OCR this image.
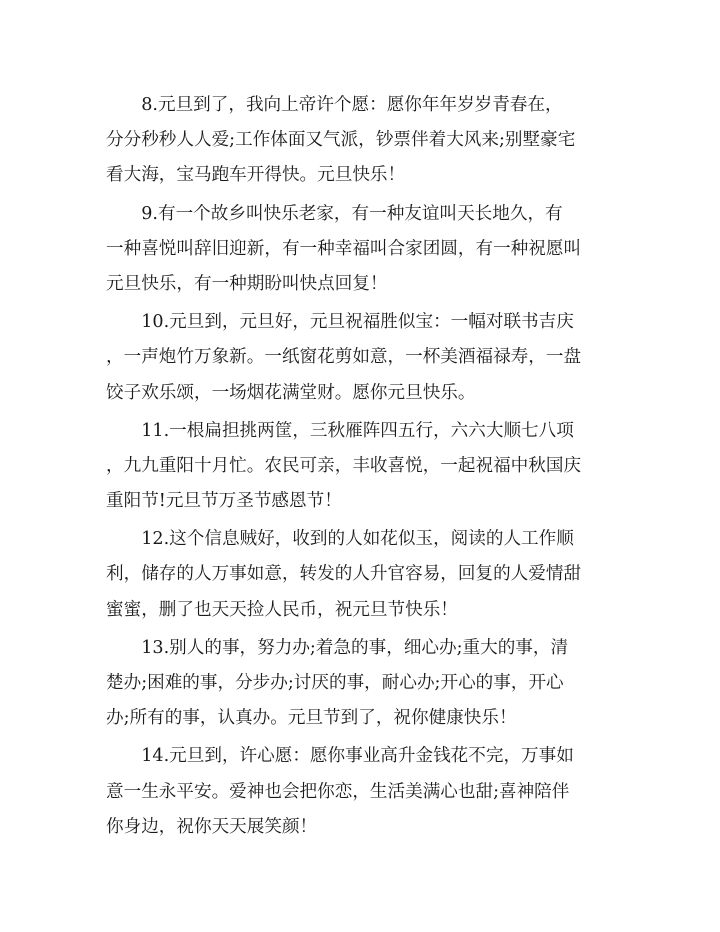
　　8.元旦到了，我向上帝许个愿：愿你年年岁岁青春在，
分分秒秒人人爱;工作体面又气派，钞票伴着大风来;别墅豪宅
看大海，宝马跑车开得快。元旦快乐！
　　9.有一个故乡叫快乐老家，有一种友谊叫天长地久，有
一种喜悦叫辞旧迎新，有一种幸福叫合家团圆，有一种祝愿叫
元旦快乐，有一种期盼叫快点回复！
　　10.元旦到，元旦好，元旦祝福胜似宝：一幅对联书吉庆
，一声炮竹万象新。一纸窗花剪如意，一杯美酒福禄寿，一盘
饺子欢乐颂，一场烟花满堂财。愿你元旦快乐。
　　11.一根扁担挑两筐，三秋雁阵四五行，六六大顺七八项
，九九重阳十月忙。农民可亲，丰收喜悦，一起祝福中秋国庆
重阳节!元旦节万圣节感恩节！
　　12.这个信息贼好，收到的人如花似玉，阅读的人工作顺
利，储存的人万事如意，转发的人升官容易，回复的人爱情甜
蜜蜜，删了也天天捡人民币，祝元旦节快乐！
　　13.别人的事，努力办;着急的事，细心办;重大的事，清
楚办;困难的事，分步办;讨厌的事，耐心办;开心的事，开心
办;所有的事，认真办。元旦节到了，祝你健康快乐！
　　14.元旦到，许心愿：愿你事业高升金钱花不完，万事如
意一生永平安。爱神也会把你恋，生活美满心也甜;喜神陪伴
你身边，祝你天天展笑颜！
